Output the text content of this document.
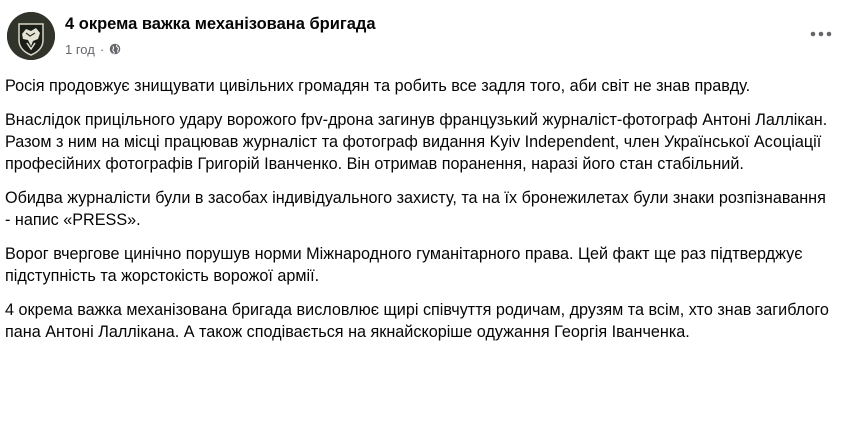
4 окрема важка механізована бригада
1 год ·

Росія продовжує знищувати цивільних громадян та робить все задля того, аби світ не знав правду.

Внаслідок прицільного удару ворожого fpv-дрона загинув французький журналіст-фотограф Антоні Лаллікан. Разом з ним на місці працював журналіст та фотограф видання Kyiv Independent, член Української Асоціації професійних фотографів Григорій Іванченко. Він отримав поранення, наразі його стан стабільний.

Обидва журналісти були в засобах індивідуального захисту, та на їх бронежилетах були знаки розпізнавання - напис «PRESS».

Ворог вчергове цинічно порушув норми Міжнародного гуманітарного права. Цей факт ще раз підтверджує підступність та жорстокість ворожої армії.

4 окрема важка механізована бригада висловлює щирі співчуття родичам, друзям та всім, хто знав загиблого пана Антоні Лаллікана. А також сподівається на якнайскоріше одужання Георгія Іванченка.
